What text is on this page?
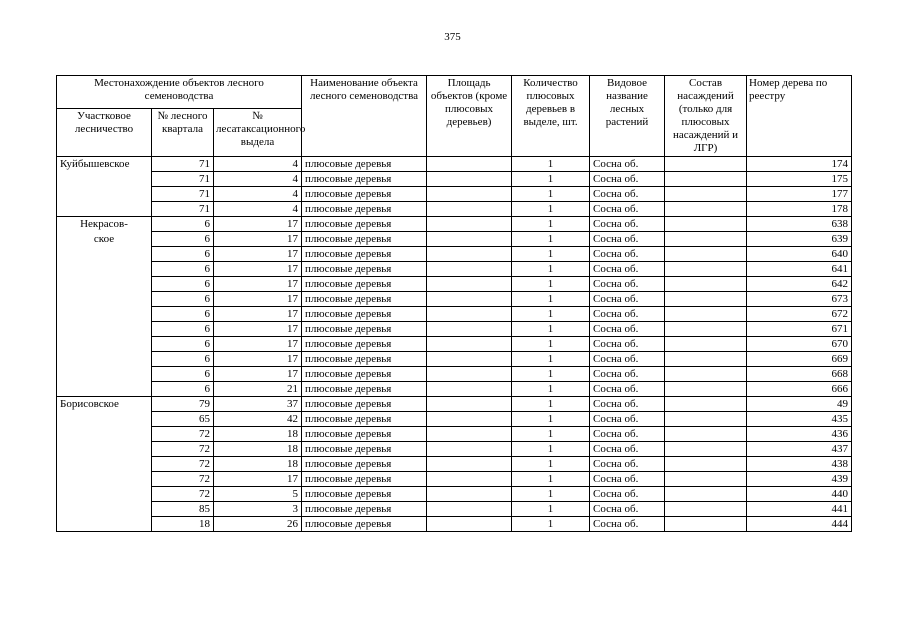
375
Местонахождение объектов лесного семеноводства			Наименование объекта лесного семеноводства	Площадь объектов (кроме плюсовых деревьев)	Количество плюсовых деревьев в выделе, шт.	Видовое название лесных растений	Состав насаждений (только для плюсовых насаждений и ЛГР)	Номер дерева по реестру
Участковое лесничество	№ лесного квартала	№ лесатаксационного выдела						
Куйбышевское	71	4	плюсовые деревья		1	Сосна об.		174
	71	4	плюсовые деревья		1	Сосна об.		175
	71	4	плюсовые деревья		1	Сосна об.		177
	71	4	плюсовые деревья		1	Сосна об.		178
Некрасов-
ское	6	17	плюсовые деревья		1	Сосна об.		638
	6	17	плюсовые деревья		1	Сосна об.		639
	6	17	плюсовые деревья		1	Сосна об.		640
	6	17	плюсовые деревья		1	Сосна об.		641
	6	17	плюсовые деревья		1	Сосна об.		642
	6	17	плюсовые деревья		1	Сосна об.		673
	6	17	плюсовые деревья		1	Сосна об.		672
	6	17	плюсовые деревья		1	Сосна об.		671
	6	17	плюсовые деревья		1	Сосна об.		670
	6	17	плюсовые деревья		1	Сосна об.		669
	6	17	плюсовые деревья		1	Сосна об.		668
	6	21	плюсовые деревья		1	Сосна об.		666
Борисовское	79	37	плюсовые деревья		1	Сосна об.		49
	65	42	плюсовые деревья		1	Сосна об.		435
	72	18	плюсовые деревья		1	Сосна об.		436
	72	18	плюсовые деревья		1	Сосна об.		437
	72	18	плюсовые деревья		1	Сосна об.		438
	72	17	плюсовые деревья		1	Сосна об.		439
	72	5	плюсовые деревья		1	Сосна об.		440
	85	3	плюсовые деревья		1	Сосна об.		441
	18	26	плюсовые деревья		1	Сосна об.		444
